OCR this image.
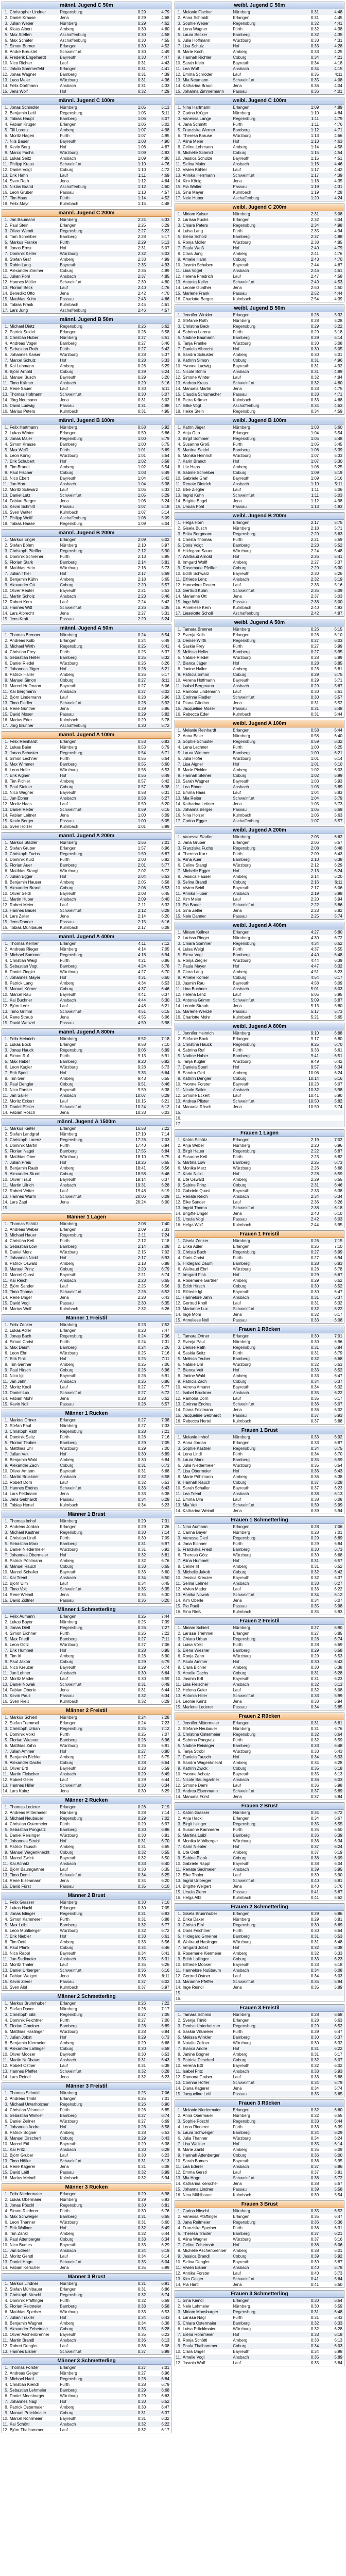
männl. Jugend C 50m
1. Christopher Lindner	Regensburg	0:29	4:79
2. Daniel Krause	Jena	0:29	4:68
3. Julian Weber	Nürnberg	0:29	4:62
4. Klaus Albert	Amberg	0:30	4:60
5. Max Steffen	Aschaffenburg	0:30	4:58
6. Max Schäfer	Aschaffenburg	0:30	4:55
7. Simon Borner	Erlangen	0:30	4:52
8. Andre Breustel	Schweinfurt	0:30	4:49
9. Frederik Engelhardt	Bayreuth	0:30	4:47
10. Nico Richter	Lauf	0:31	4:43
11. Jakob Sommerfeld	Erlangen	0:31	4:41
12. Jonas Wagner	Bamberg	0:31	4:39
13. Luca Meier	Würzburg	0:31	4:36
14. Felix Dorfmann	Ansbach	0:31	4:33
15. Jens Wolf	Hof	0:32	4:29
männl. Jugend C 100m
1. Jonas Schindler	Nürnberg	1:05	5:13
2. Benjamin Leitl	Regensburg	1:05	5:11
3. Tobias Haupt	Bamberg	1:06	5:07
4. Fabian Krüger	Erlangen	1:06	5:02
5. Till Lorenz	Amberg	1:07	4:98
6. Moritz Hagen	Fürth	1:07	4:95
7. Nils Bauer	Bayreuth	1:08	4:90
8. Kevin Berg	Hof	1:08	4:87
9. Marco Fuchs	Würzburg	1:09	4:83
10. Lukas Seitz	Ansbach	1:09	4:80
11. Philipp Kraus	Schweinfurt	1:10	4:76
12. Daniel Voigt	Coburg	1:10	4:72
13. Erik Hahn	Lauf	1:11	4:69
14. Sven Roth	Jena	1:12	4:64
15. Niklas Brand	Aschaffenburg	1:12	4:60
16. Leon Gruber	Passau	1:13	4:57
17. Tim Haas	Fürth	1:14	4:52
18. Felix Mayr	Kulmbach	1:15	4:48
männl. Jugend C 200m
1. Jan Baumann	Nürnberg	2:24	5:33
2. Paul Stein	Erlangen	2:25	5:29
3. Oliver Wendt	Regensburg	2:27	5:22
4. Tom Schreiber	Bamberg	2:28	5:17
5. Markus Franke	Fürth	2:29	5:13
6. Jonas Ernst	Hof	2:31	5:07
7. Dominik Keller	Würzburg	2:32	5:03
8. Stefan Graf	Amberg	2:33	4:99
9. Robin Lang	Bayreuth	2:35	4:93
10. Alexander Zimmer	Coburg	2:36	4:89
11. Julian Pohl	Ansbach	2:37	4:85
12. Hannes Möller	Schweinfurt	2:39	4:80
13. Florian Beck	Lauf	2:40	4:76
14. Benedikt Otto	Jena	2:42	4:70
15. Matthias Kuhn	Passau	2:43	4:66
16. Tobias Frank	Kulmbach	2:45	4:61
17. Lars Jung	Aschaffenburg	2:46	4:57
männl. Jugend B 50m
1. Michael Dietz	Regensburg	0:26	5:62
2. Patrick Seidel	Erlangen	0:26	5:58
3. Christian Huber	Nürnberg	0:27	5:51
4. Andreas Vogel	Bamberg	0:27	5:46
5. Sebastian Roth	Fürth	0:27	5:42
6. Johannes Kaiser	Würzburg	0:28	5:37
7. Marcel Schulz	Hof	0:28	5:33
8. Kai Lehmann	Amberg	0:28	5:29
9. Björn Arnold	Coburg	0:29	5:24
10. Manuel Busch	Bayreuth	0:29	5:20
11. Timo Krämer	Ansbach	0:29	5:16
12. Rene Sauer	Lauf	0:30	5:11
13. Thomas Hofmann	Schweinfurt	0:30	5:07
14. Jörg Neumann	Jena	0:31	5:02
15. David Ludwig	Passau	0:31	4:98
16. Marius Peters	Kulmbach	0:31	4:95
männl. Jugend B 100m
1. Felix Hartmann	Nürnberg	0:58	5:92
2. Lukas Winter	Erlangen	0:59	5:86
3. Jonas Maier	Regensburg	1:00	5:79
4. Simon Krause	Bamberg	1:00	5:75
5. Max Weiß	Fürth	1:01	5:69
6. Leon König	Würzburg	1:01	5:64
7. Erik Schubert	Hof	1:02	5:58
8. Tim Brandt	Amberg	1:02	5:54
9. Paul Fischer	Coburg	1:03	5:49
10. Nico Ebert	Bayreuth	1:04	5:42
11. Jan Horn	Ansbach	1:04	5:38
12. Moritz Schwarz	Lauf	1:05	5:33
13. Daniel Lutz	Schweinfurt	1:05	5:29
14. Fabian Berger	Jena	1:06	5:24
15. Kevin Schmitt	Passau	1:07	5:18
16. Sven Walter	Kulmbach	1:07	5:14
17. Philipp Wolff	Aschaffenburg	1:08	5:09
18. Tobias Haase	Regensburg	1:09	5:04
männl. Jugend B 200m
1. Markus Engel	Erlangen	2:09	6:02
2. Stefan Böhm	Nürnberg	2:10	5:97
3. Christoph Pfeiffer	Regensburg	2:12	5:90
4. Dominik Schreiner	Fürth	2:13	5:85
5. Florian Stark	Bamberg	2:14	5:81
6. Matthias Hein	Würzburg	2:16	5:73
7. Julian Thiel	Hof	2:17	5:69
8. Benjamin Kühn	Amberg	2:18	5:65
9. Alexander Ott	Coburg	2:20	5:57
10. Oliver Reuter	Bayreuth	2:21	5:53
11. Martin Scholz	Ansbach	2:23	5:46
12. Robert Kern	Lauf	2:24	5:42
13. Hannes Witt	Schweinfurt	2:26	5:35
14. Lars Albrecht	Jena	2:27	5:31
15. Jens Kraft	Passau	2:29	5:24
männl. Jugend A 50m
1. Thomas Brenner	Nürnberg	0:24	6:54
2. Andreas Kolb	Erlangen	0:24	6:49
3. Michael Wirth	Regensburg	0:25	6:41
4. Christian Frey	Fürth	0:25	6:37
5. Sebastian Heller	Bamberg	0:25	6:32
6. Daniel Riedel	Würzburg	0:26	6:26
7. Johannes Jäger	Hof	0:26	6:21
8. Patrick Haller	Amberg	0:26	6:17
9. Manuel Simon	Coburg	0:27	6:11
10. Marcel Hoffmann	Bayreuth	0:27	6:06
11. Kai Bergmann	Ansbach	0:27	6:02
12. Björn Lindemann	Lauf	0:28	5:96
13. Timo Fiedler	Schweinfurt	0:28	5:92
14. Rene Günther	Jena	0:29	5:86
15. David Moser	Passau	0:29	5:82
16. Marius Eder	Kulmbach	0:29	5:78
17. Jörg Brunner	Aschaffenburg	0:30	5:72
männl. Jugend A 100m
1. Felix Reinhardt	Erlangen	0:53	6:83
2. Lukas Baier	Nürnberg	0:53	6:79
3. Jonas Schuster	Regensburg	0:54	6:71
4. Simon Lechner	Fürth	0:55	6:64
5. Max Wimmer	Bamberg	0:55	6:60
6. Leon Hofer	Würzburg	0:56	6:53
7. Erik Aigner	Hof	0:56	6:49
8. Tim Pichler	Amberg	0:57	6:42
9. Paul Steiner	Coburg	0:57	6:38
10. Nico Wagner	Bayreuth	0:58	6:31
11. Jan Ebner	Ansbach	0:58	6:27
12. Moritz Haas	Lauf	0:59	6:20
13. Daniel Reiter	Schweinfurt	0:59	6:16
14. Fabian Leitner	Jena	1:00	6:09
15. Kevin Berger	Passau	1:00	6:05
16. Sven Holzer	Kulmbach	1:01	5:99
männl. Jugend A 200m
1. Markus Stadler	Nürnberg	1:56	7:01
2. Stefan Gruber	Erlangen	1:57	6:96
3. Christoph Fuchs	Regensburg	1:59	6:87
4. Dominik Kurz	Fürth	2:00	6:82
5. Florian Auer	Bamberg	2:01	6:77
6. Matthias Stangl	Würzburg	2:02	6:72
7. Julian Egger	Hof	2:04	6:63
8. Benjamin Hauser	Amberg	2:05	6:58
9. Alexander Brandl	Coburg	2:06	6:53
10. Oliver Seidl	Bayreuth	2:08	6:45
11. Martin Huber	Ansbach	2:09	6:40
12. Robert Meier	Lauf	2:11	6:32
13. Hannes Bauer	Schweinfurt	2:12	6:28
14. Lars Zeller	Jena	2:14	6:20
15. Jens Danner	Passau	2:15	6:16
16. Tobias Mühlbauer	Kulmbach	2:17	6:08
männl. Jugend A 400m
1. Thomas Kellner	Erlangen	4:11	7:12
2. Andreas Rieger	Nürnberg	4:14	7:05
3. Michael Sommer	Regensburg	4:18	6:94
4. Christian Weigl	Fürth	4:21	6:86
5. Sebastian Vogt	Bamberg	4:24	6:78
6. Daniel Ziegler	Würzburg	4:27	6:70
7. Johannes Mayer	Hof	4:31	6:60
8. Patrick Lang	Amberg	4:34	6:53
9. Manuel Körner	Coburg	4:37	6:46
10. Marcel Rau	Bayreuth	4:41	6:37
11. Kai Buchner	Ansbach	4:44	6:30
12. Björn Lenz	Lauf	4:48	6:21
13. Timo Grimm	Schweinfurt	4:51	6:15
14. Rene Straub	Jena	4:55	6:06
15. David Wenzel	Passau	4:59	5:98
männl. Jugend A 800m
1. Felix Heinrich	Nürnberg	8:52	7:18
2. Lukas Bock	Erlangen	8:58	7:10
3. Jonas Hauck	Regensburg	9:06	6:99
4. Simon Ruf	Fürth	9:13	6:91
5. Max Haber	Bamberg	9:20	6:82
6. Leon Kugler	Würzburg	9:28	6:73
7. Erik Sperl	Hof	9:35	6:64
8. Tim Gerl	Amberg	9:43	6:55
9. Paul Dengler	Coburg	9:51	6:46
10. Nico Forster	Bayreuth	9:59	6:38
11. Jan Sailer	Ansbach	10:07	6:29
12. Moritz Eckert	Lauf	10:15	6:21
13. Daniel Pfister	Schweinfurt	10:24	6:12
14. Fabian Rösch	Jena	10:33	6:03
männl. Jugend A 1500m
1. Markus Kiefer	Erlangen	16:58	7:22
2. Stefan Landgraf	Nürnberg	17:10	7:14
3. Christoph Lorenz	Regensburg	17:26	7:03
4. Dominik Martin	Fürth	17:40	6:94
5. Florian Nagel	Bamberg	17:55	6:84
6. Matthias Ober	Würzburg	18:10	6:75
7. Julian Preis	Hof	18:26	6:65
8. Benjamin Raab	Amberg	18:41	6:56
9. Alexander Sturm	Coburg	18:58	6:46
10. Oliver Traut	Bayreuth	19:14	6:37
11. Martin Ullrich	Ansbach	19:31	6:28
12. Robert Vetter	Lauf	19:48	6:19
13. Hannes Wurm	Schweinfurt	20:06	6:09
14. Lars Zapf	Jena	20:24	6:00
15.
Männer 1 Lagen
1. Thomas Schütz	Nürnberg	2:08	7:40
2. Andreas Weber	Erlangen	2:09	7:33
3. Michael Hauer	Regensburg	2:11	7:24
4. Christian Keil	Fürth	2:12	7:18
5. Sebastian Löw	Bamberg	2:14	7:08
6. Daniel Merz	Würzburg	2:15	7:02
7. Johannes Nickl	Hof	2:17	6:93
8. Patrick Oswald	Amberg	2:18	6:88
9. Manuel Prinz	Coburg	2:20	6:79
10. Marcel Quast	Bayreuth	2:21	6:74
11. Kai Reich	Ansbach	2:23	6:65
12. Björn Sander	Lauf	2:25	6:56
13. Timo Thoma	Schweinfurt	2:26	6:52
14. Rene Unger	Jena	2:28	6:43
15. David Vogl	Passau	2:30	6:35
16. Marius Wolf	Kulmbach	2:32	6:26
Männer 1 Freistil
1. Felix Zenker	Nürnberg	0:23	7:52
2. Lukas Adler	Erlangen	0:23	7:47
3. Jonas Bach	Regensburg	0:24	7:36
4. Simon Christ	Fürth	0:24	7:31
5. Max Daum	Bamberg	0:24	7:26
6. Leon Ehrl	Würzburg	0:25	7:16
7. Erik Fink	Hof	0:25	7:11
8. Tim Gärtner	Amberg	0:25	7:06
9. Paul Hirsch	Coburg	0:26	6:96
10. Nico Igl	Bayreuth	0:26	6:91
11. Jan Jahn	Ansbach	0:26	6:86
12. Moritz Knoll	Lauf	0:27	6:77
13. Daniel Lux	Schweinfurt	0:27	6:72
14. Fabian Mohr	Jena	0:28	6:62
15. Kevin Noll	Passau	0:28	6:57
Männer 1 Rücken
1. Markus Ortner	Erlangen	0:27	7:38
2. Stefan Paul	Nürnberg	0:27	7:33
3. Christoph Rath	Regensburg	0:28	7:21
4. Dominik Seitz	Fürth	0:28	7:16
5. Florian Teuber	Bamberg	0:29	7:05
6. Matthias Uhl	Würzburg	0:29	7:00
7. Julian Veit	Hof	0:30	6:89
8. Benjamin Wald	Amberg	0:30	6:84
9. Alexander Zach	Coburg	0:31	6:73
10. Oliver Amann	Bayreuth	0:31	6:68
11. Martin Bruckner	Ansbach	0:32	6:58
12. Robert Dorn	Lauf	0:32	6:53
13. Hannes Endres	Schweinfurt	0:33	6:43
14. Lars Feldmann	Jena	0:33	6:38
15. Jens Gebhardt	Passau	0:34	6:28
16. Tobias Hertel	Kulmbach	0:34	6:23
Männer 1 Brust
1. Thomas Imhof	Nürnberg	0:29	7:31
2. Andreas Jordan	Erlangen	0:29	7:26
3. Michael Kastner	Regensburg	0:30	7:14
4. Christian Lindl	Fürth	0:30	7:09
5. Sebastian Marx	Bamberg	0:31	6:97
6. Daniel Niedermeier	Würzburg	0:31	6:92
7. Johannes Obermeier	Hof	0:32	6:81
8. Patrick Pöhlmann	Amberg	0:32	6:76
9. Manuel Rauch	Coburg	0:33	6:65
10. Marcel Schaller	Bayreuth	0:33	6:60
11. Kai Treml	Ansbach	0:34	6:50
12. Björn Ulm	Lauf	0:34	6:45
13. Timo Voit	Schweinfurt	0:35	6:35
14. Rene Weindl	Jena	0:35	6:30
15. David Zöllner	Passau	0:36	6:20
Männer 1 Schmetterling
1. Felix Aumann	Erlangen	0:25	7:44
2. Lukas Bayer	Nürnberg	0:25	7:39
3. Jonas Dietl	Regensburg	0:26	7:27
4. Simon Eichner	Fürth	0:26	7:22
5. Max Friedl	Bamberg	0:27	7:11
6. Leon Götz	Würzburg	0:27	7:06
7. Erik Hummel	Hof	0:28	6:95
8. Tim Irl	Amberg	0:28	6:90
9. Paul Jakob	Coburg	0:29	6:79
10. Nico Kreuzer	Bayreuth	0:29	6:74
11. Jan Lehner	Ansbach	0:30	6:64
12. Moritz Mader	Lauf	0:30	6:59
13. Daniel Nowak	Schweinfurt	0:31	6:49
14. Fabian Oberle	Jena	0:31	6:44
15. Kevin Pauli	Passau	0:32	6:34
16. Sven Rieß	Kulmbach	0:32	6:29
Männer 2 Freistil
1. Markus Schierl	Nürnberg	0:24	7:28
2. Stefan Tremmel	Erlangen	0:24	7:23
3. Christoph Urban	Regensburg	0:25	7:12
4. Dominik Völkl	Fürth	0:25	7:07
5. Florian Wiesner	Bamberg	0:26	6:96
6. Matthias Zahn	Würzburg	0:26	6:91
7. Julian Ammer	Hof	0:27	6:80
8. Benjamin Bichler	Amberg	0:27	6:75
9. Alexander Dachs	Coburg	0:28	6:64
10. Oliver Ertl	Bayreuth	0:28	6:59
11. Martin Fleischer	Ansbach	0:29	6:49
12. Robert Geier	Lauf	0:29	6:44
13. Hannes Hiller	Schweinfurt	0:30	6:34
14. Lars Kainz	Jena	0:30	6:29
Männer 2 Rücken
1. Thomas Lederer	Erlangen	0:28	7:19
2. Andreas Mittermeier	Nürnberg	0:28	7:14
3. Michael Neubauer	Regensburg	0:29	7:02
4. Christian Ostermeier	Fürth	0:29	6:97
5. Sebastian Pongratz	Bamberg	0:30	6:86
6. Daniel Reisinger	Würzburg	0:30	6:81
7. Johannes Strobl	Hof	0:31	6:70
8. Patrick Tausch	Amberg	0:31	6:65
9. Manuel Wagenknecht	Coburg	0:32	6:55
10. Marcel Zwick	Bayreuth	0:32	6:50
11. Kai Achatz	Ansbach	0:33	6:40
12. Björn Baumgartner	Lauf	0:33	6:35
13. Timo Deml	Schweinfurt	0:34	6:25
14. Rene Eisenmann	Jena	0:34	6:20
15. David Fürst	Passau	0:35	6:10
Männer 2 Brust
1. Felix Grasser	Nürnberg	0:30	7:10
2. Lukas Hackl	Erlangen	0:30	7:05
3. Jonas Islinger	Regensburg	0:31	6:93
4. Simon Kammerer	Fürth	0:31	6:88
5. Max Loibl	Bamberg	0:32	6:77
6. Leon Mühlberger	Würzburg	0:32	6:72
7. Erik Niebler	Hof	0:33	6:61
8. Tim Oettl	Amberg	0:33	6:56
9. Paul Plank	Coburg	0:34	6:46
10. Nico Rappl	Bayreuth	0:34	6:41
11. Jan Sedlmeier	Ansbach	0:35	6:31
12. Moritz Thaler	Lauf	0:35	6:26
13. Daniel Urlberger	Schweinfurt	0:36	6:16
14. Fabian Weigert	Jena	0:36	6:11
15. Kevin Zierer	Passau	0:37	6:02
16. Sven Albl	Kulmbach	0:37	5:97
Männer 2 Schmetterling
1. Markus Brunnhuber	Erlangen	0:26	7:22
2. Stefan Daxer	Nürnberg	0:26	7:17
3. Christoph Eibl	Regensburg	0:27	7:05
4. Dominik Feichtner	Fürth	0:27	7:00
5. Florian Gmeiner	Bamberg	0:28	6:89
6. Matthias Haslinger	Würzburg	0:28	6:84
7. Julian Jobst	Hof	0:29	6:73
8. Benjamin Kiermeier	Amberg	0:29	6:68
9. Alexander Lallinger	Coburg	0:30	6:58
10. Oliver Mooser	Bayreuth	0:30	6:53
11. Martin Nußbaum	Ansbach	0:31	6:43
12. Robert Ostner	Lauf	0:31	6:38
13. Hannes Pfeffer	Schweinfurt	0:32	6:28
14. Lars Reindl	Jena	0:32	6:23
Männer 3 Freistil
1. Thomas Schmid	Nürnberg	0:25	7:06
2. Andreas Trinkl	Erlangen	0:25	7:01
3. Michael Unterholzner	Regensburg	0:26	6:90
4. Christian Vilsmeier	Fürth	0:26	6:85
5. Sebastian Winkler	Bamberg	0:27	6:74
6. Daniel Zellner	Würzburg	0:27	6:69
7. Johannes Andre	Hof	0:28	6:58
8. Patrick Bogner	Amberg	0:28	6:53
9. Manuel Dirscherl	Coburg	0:29	6:43
10. Marcel Ettl	Bayreuth	0:29	6:38
11. Kai Fritz	Ansbach	0:30	6:28
12. Björn Gruber	Lauf	0:30	6:23
13. Timo Höfler	Schweinfurt	0:31	6:13
14. Rene Kagerer	Jena	0:31	6:08
15. David Leitl	Passau	0:32	5:99
16. Marius Meindl	Kulmbach	0:32	5:94
Männer 3 Rücken
1. Felix Niedermaier	Erlangen	0:29	6:98
2. Lukas Obermaier	Nürnberg	0:29	6:93
3. Jonas Pöschl	Regensburg	0:30	6:81
4. Simon Riederer	Fürth	0:30	6:76
5. Max Schweiger	Bamberg	0:31	6:65
6. Leon Thanner	Würzburg	0:31	6:60
7. Erik Wallner	Hof	0:32	6:49
8. Tim Zankl	Amberg	0:32	6:44
9. Paul Attenberger	Coburg	0:33	6:34
10. Nico Bumes	Bayreuth	0:33	6:29
11. Jan Ederer	Ansbach	0:34	6:19
12. Moritz Gerstl	Lauf	0:34	6:14
13. Daniel Hagn	Schweinfurt	0:35	6:04
14. Fabian Kerscher	Jena	0:35	5:99
Männer 3 Brust
1. Markus Lindner	Nürnberg	0:31	6:91
2. Stefan Mühlbauer	Erlangen	0:31	6:86
3. Christoph Nirschl	Regensburg	0:32	6:74
4. Dominik Pfaffinger	Fürth	0:32	6:69
5. Florian Reitmeier	Bamberg	0:33	6:58
6. Matthias Sperber	Würzburg	0:33	6:53
7. Julian Traxler	Hof	0:34	6:43
8. Benjamin Wagner	Amberg	0:34	6:38
9. Alexander Zehetmair	Coburg	0:35	6:28
10. Oliver Aschenbrenner	Bayreuth	0:35	6:23
11. Martin Brandl	Ansbach	0:36	6:13
12. Robert Dengler	Lauf	0:36	6:08
13. Hannes Eisner	Schweinfurt	0:37	5:99
Männer 3 Schmetterling
1. Thomas Forster	Erlangen	0:27	7:01
2. Andreas Geiger	Nürnberg	0:27	6:96
3. Michael Hartl	Regensburg	0:28	6:84
4. Christian Kiendl	Fürth	0:28	6:79
5. Sebastian Lehmeier	Bamberg	0:29	6:68
6. Daniel Moosburger	Würzburg	0:29	6:63
7. Johannes Nagl	Hof	0:30	6:52
8. Patrick Ostermaier	Amberg	0:30	6:47
9. Manuel Prücklmaier	Coburg	0:31	6:37
10. Marcel Rohrmeier	Bayreuth	0:31	6:32
11. Kai Schöttl	Ansbach	0:32	6:22
12. Björn Thalhammer	Lauf	0:32	6:17
weibl. Jugend C 50m
1. Melanie Fischer	Nürnberg	0:31	4:48
2. Anna Schmidt	Erlangen	0:31	4:45
3. Sophie Weber	Regensburg	0:32	4:41
4. Lena Wagner	Fürth	0:32	4:38
5. Laura Becker	Bamberg	0:32	4:35
6. Julia Hoffmann	Würzburg	0:33	4:31
7. Lisa Schulz	Hof	0:33	4:28
8. Marie Koch	Amberg	0:33	4:25
9. Hannah Richter	Coburg	0:34	4:21
10. Sarah Klein	Bayreuth	0:34	4:18
11. Lea Wolf	Ansbach	0:34	4:15
12. Emma Schröder	Lauf	0:35	4:11
13. Mia Neumann	Schweinfurt	0:35	4:08
14. Katharina Braun	Jena	0:36	4:04
15. Johanna Zimmermann	Passau	0:36	4:01
weibl. Jugend C 100m
1. Nina Hartmann	Erlangen	1:09	4:89
2. Carina Krüger	Nürnberg	1:10	4:84
3. Vanessa Lange	Regensburg	1:11	4:79
4. Jana Schmitt	Fürth	1:11	4:76
5. Franziska Werner	Bamberg	1:12	4:71
6. Theresa Krause	Würzburg	1:13	4:66
7. Alina Meier	Hof	1:13	4:63
8. Celine Lehmann	Amberg	1:14	4:58
9. Michelle Schmid	Coburg	1:15	4:54
10. Jessica Schulze	Bayreuth	1:15	4:51
11. Selina Maier	Ansbach	1:16	4:46
12. Vivien Köhler	Lauf	1:17	4:42
13. Annika Herrmann	Schweinfurt	1:17	4:39
14. Kim König	Jena	1:18	4:35
15. Pia Walter	Passau	1:19	4:31
16. Sina Mayer	Kulmbach	1:19	4:28
17. Nele Huber	Aschaffenburg	1:20	4:24
weibl. Jugend C 200m
1. Miriam Kaiser	Nürnberg	2:31	5:08
2. Larissa Fuchs	Erlangen	2:32	5:04
3. Chiara Peters	Regensburg	2:34	4:98
4. Luisa Lang	Fürth	2:35	4:94
5. Elena Scholz	Bamberg	2:37	4:88
6. Ronja Möller	Würzburg	2:38	4:85
7. Paula Weiß	Hof	2:40	4:79
8. Clara Jung	Amberg	2:41	4:76
9. Amelie Hahn	Coburg	2:43	4:70
10. Jasmin Schubert	Bayreuth	2:44	4:67
11. Lina Vogel	Ansbach	2:46	4:61
12. Helena Friedrich	Lauf	2:47	4:58
13. Antonia Keller	Schweinfurt	2:49	4:53
14. Leonie Günther	Jena	2:50	4:50
15. Marlene Frank	Passau	2:52	4:44
16. Charlotte Berger	Kulmbach	2:54	4:39
weibl. Jugend B 50m
1. Jennifer Winkler	Erlangen	0:28	5:32
2. Stefanie Roth	Nürnberg	0:28	5:28
3. Christina Beck	Regensburg	0:29	5:22
4. Sabrina Lorenz	Fürth	0:29	5:18
5. Nadine Baumann	Bamberg	0:29	5:14
6. Tanja Franke	Würzburg	0:30	5:08
7. Daniela Albrecht	Hof	0:30	5:05
8. Sandra Schuster	Amberg	0:30	5:01
9. Kathrin Simon	Coburg	0:31	4:96
10. Yvonne Ludwig	Bayreuth	0:31	4:92
11. Nicole Böhm	Ansbach	0:31	4:89
12. Simone Winter	Lauf	0:32	4:84
13. Andrea Kraus	Schweinfurt	0:32	4:80
14. Manuela Martin	Jena	0:33	4:75
15. Claudia Schumacher	Passau	0:33	4:71
16. Petra Krämer	Kulmbach	0:33	4:68
17. Silke Vogt	Aschaffenburg	0:34	4:63
18. Heike Stein	Regensburg	0:34	4:59
weibl. Jugend B 100m
1. Katrin Jäger	Nürnberg	1:03	5:60
2. Anja Otto	Erlangen	1:04	5:54
3. Birgit Sommer	Regensburg	1:05	5:48
4. Susanne Groß	Fürth	1:05	5:45
5. Martina Seidel	Bamberg	1:06	5:39
6. Monika Heinrich	Würzburg	1:07	5:33
7. Karin Brandt	Hof	1:07	5:30
8. Ute Haas	Amberg	1:08	5:25
9. Sabine Schreiber	Coburg	1:09	5:19
10. Gabriele Graf	Bayreuth	1:09	5:16
11. Renate Dietrich	Ansbach	1:10	5:11
12. Elke Ziegler	Lauf	1:11	5:06
13. Ingrid Kuhn	Schweinfurt	1:11	5:03
14. Brigitte Engel	Jena	1:12	4:98
15. Ursula Pohl	Passau	1:13	4:93
weibl. Jugend B 200m
1. Helga Horn	Erlangen	2:17	5:75
2. Gisela Busch	Nürnberg	2:18	5:71
3. Erika Bergmann	Regensburg	2:20	5:63
4. Christa Thomas	Fürth	2:21	5:59
5. Doris Voigt	Bamberg	2:23	5:52
6. Hildegard Sauer	Würzburg	2:24	5:48
7. Waltraud Arnold	Hof	2:26	5:41
8. Irmgard Wolff	Amberg	2:27	5:37
9. Rosemarie Pfeiffer	Coburg	2:29	5:30
10. Edith Schwarz	Bayreuth	2:30	5:26
11. Elfriede Lenz	Ansbach	2:32	5:19
12. Hannelore Reuter	Lauf	2:33	5:16
13. Gertrud Kühn	Schweinfurt	2:35	5:09
14. Marianne Ott	Jena	2:37	5:03
15. Inge Witt	Passau	2:38	5:00
16. Anneliese Kern	Kulmbach	2:40	4:93
17. Lieselotte Scholl	Aschaffenburg	2:42	4:87
weibl. Jugend A 50m
1. Tamara Brenner	Nürnberg	0:26	6:15
2. Svenja Kolb	Erlangen	0:26	6:10
3. Denise Wirth	Regensburg	0:27	6:03
4. Saskia Frey	Fürth	0:27	5:99
5. Melissa Heller	Bamberg	0:27	5:95
6. Natalie Riedel	Würzburg	0:28	5:89
7. Bianca Jäger	Hof	0:28	5:85
8. Janine Haller	Amberg	0:28	5:81
9. Patricia Simon	Coburg	0:29	5:75
10. Verena Hoffmann	Bayreuth	0:29	5:71
11. Isabel Bergmann	Ansbach	0:29	5:67
12. Ramona Lindemann	Lauf	0:30	5:61
13. Corinna Fiedler	Schweinfurt	0:30	5:57
14. Diana Günther	Jena	0:31	5:52
15. Jacqueline Moser	Passau	0:31	5:48
16. Rebecca Eder	Kulmbach	0:31	5:44
weibl. Jugend A 100m
1. Melanie Reinhardt	Erlangen	0:58	6:44
2. Anna Baier	Nürnberg	0:58	6:40
3. Sophie Schuster	Regensburg	0:59	6:32
4. Lena Lechner	Fürth	1:00	6:25
5. Laura Wimmer	Bamberg	1:00	6:21
6. Julia Hofer	Würzburg	1:01	6:14
7. Lisa Aigner	Hof	1:01	6:10
8. Marie Pichler	Amberg	1:02	6:03
9. Hannah Steiner	Coburg	1:02	5:99
10. Sarah Wagner	Bayreuth	1:03	5:93
11. Lea Ebner	Ansbach	1:03	5:89
12. Emma Haas	Lauf	1:04	5:83
13. Mia Reiter	Schweinfurt	1:04	5:79
14. Katharina Leitner	Jena	1:05	5:73
15. Johanna Berger	Passau	1:05	5:69
16. Nina Holzer	Kulmbach	1:06	5:63
17. Carina Egger	Aschaffenburg	1:07	5:57
weibl. Jugend A 200m
1. Vanessa Stadler	Nürnberg	2:05	6:62
2. Jana Gruber	Erlangen	2:06	6:57
3. Franziska Fuchs	Regensburg	2:08	6:48
4. Theresa Kurz	Fürth	2:09	6:43
5. Alina Auer	Bamberg	2:10	6:38
6. Celine Stangl	Würzburg	2:12	6:29
7. Michelle Egger	Hof	2:13	6:24
8. Jessica Hauser	Amberg	2:14	6:20
9. Selina Brandl	Coburg	2:16	6:11
10. Vivien Seidl	Bayreuth	2:17	6:06
11. Annika Huber	Ansbach	2:19	5:98
12. Kim Meier	Lauf	2:20	5:94
13. Pia Bauer	Schweinfurt	2:22	5:86
14. Sina Zeller	Jena	2:23	5:82
15. Nele Danner	Passau	2:25	5:74
weibl. Jugend A 400m
1. Miriam Kellner	Erlangen	4:27	6:80
2. Larissa Rieger	Nürnberg	4:30	6:72
3. Chiara Sommer	Regensburg	4:34	6:62
4. Luisa Weigl	Fürth	4:37	6:55
5. Elena Vogt	Bamberg	4:40	6:48
6. Ronja Ziegler	Würzburg	4:44	6:39
7. Paula Mayer	Hof	4:47	6:32
8. Clara Lang	Amberg	4:51	6:23
9. Amelie Körner	Coburg	4:54	6:17
10. Jasmin Rau	Bayreuth	4:58	6:09
11. Lina Buchner	Ansbach	5:01	6:03
12. Helena Lenz	Lauf	5:05	5:95
13. Antonia Grimm	Schweinfurt	5:09	5:87
14. Leonie Straub	Jena	5:13	5:80
15. Marlene Wenzel	Passau	5:17	5:73
16. Charlotte Mohr	Kulmbach	5:21	5:65
weibl. Jugend A 800m
1. Jennifer Heinrich	Nürnberg	9:10	6:88
2. Stefanie Bock	Erlangen	9:17	6:80
3. Christina Hauck	Regensburg	9:25	6:70
4. Sabrina Ruf	Fürth	9:33	6:61
5. Nadine Haber	Bamberg	9:41	6:51
6. Tanja Kugler	Würzburg	9:49	6:42
7. Daniela Sperl	Hof	9:57	6:34
8. Sandra Gerl	Amberg	10:06	6:24
9. Kathrin Dengler	Coburg	10:14	6:16
10. Yvonne Forster	Bayreuth	10:23	6:07
11. Nicole Sailer	Ansbach	10:32	5:98
12. Simone Eckert	Lauf	10:41	5:90
13. Andrea Pfister	Schweinfurt	10:50	5:82
14. Manuela Rösch	Jena	10:59	5:74
15.
16.
17.
Frauen 1 Lagen
1. Katrin Schütz	Erlangen	2:19	7:02
2. Anja Weber	Nürnberg	2:20	6:96
3. Birgit Hauer	Regensburg	2:22	6:87
4. Susanne Keil	Fürth	2:23	6:82
5. Martina Löw	Bamberg	2:25	6:73
6. Monika Merz	Würzburg	2:26	6:68
7. Karin Nickl	Hof	2:28	6:59
8. Ute Oswald	Amberg	2:29	6:55
9. Sabine Prinz	Coburg	2:31	6:46
10. Gabriele Quast	Bayreuth	2:33	6:38
11. Renate Reich	Ansbach	2:34	6:34
12. Elke Sander	Lauf	2:36	6:26
13. Ingrid Thoma	Schweinfurt	2:38	6:18
14. Brigitte Unger	Jena	2:40	6:10
15. Ursula Vogl	Passau	2:42	6:03
16. Helga Wolf	Kulmbach	2:44	5:95
Frauen 1 Freistil
1. Gisela Zenker	Nürnberg	0:26	7:15
2. Erika Adler	Erlangen	0:26	7:10
3. Christa Bach	Regensburg	0:27	6:99
4. Doris Christ	Fürth	0:27	6:94
5. Hildegard Daum	Bamberg	0:28	6:83
6. Waltraud Ehrl	Würzburg	0:28	6:78
7. Irmgard Fink	Hof	0:29	6:67
8. Rosemarie Gärtner	Amberg	0:29	6:62
9. Edith Hirsch	Coburg	0:30	6:52
10. Elfriede Igl	Bayreuth	0:30	6:47
11. Hannelore Jahn	Ansbach	0:31	6:37
12. Gertrud Knoll	Lauf	0:31	6:32
13. Marianne Lux	Schweinfurt	0:32	6:22
14. Inge Mohr	Jena	0:32	6:17
15. Anneliese Noll	Passau	0:33	6:08
Frauen 1 Rücken
1. Tamara Ortner	Erlangen	0:30	7:01
2. Svenja Paul	Nürnberg	0:30	6:96
3. Denise Rath	Regensburg	0:31	6:84
4. Saskia Seitz	Fürth	0:31	6:79
5. Melissa Teuber	Bamberg	0:32	6:68
6. Natalie Uhl	Würzburg	0:32	6:63
7. Bianca Veit	Hof	0:33	6:52
8. Janine Wald	Amberg	0:33	6:47
9. Patricia Zach	Coburg	0:34	6:37
10. Verena Amann	Bayreuth	0:34	6:32
11. Isabel Bruckner	Ansbach	0:35	6:22
12. Ramona Dorn	Lauf	0:35	6:17
13. Corinna Endres	Schweinfurt	0:36	6:07
14. Diana Feldmann	Jena	0:36	6:02
15. Jacqueline Gebhardt	Passau	0:37	5:93
16. Rebecca Hertel	Kulmbach	0:37	5:88
Frauen 1 Brust
1. Melanie Imhof	Nürnberg	0:33	6:92
2. Anna Jordan	Erlangen	0:33	6:87
3. Sophie Kastner	Regensburg	0:34	6:75
4. Lena Lindl	Fürth	0:34	6:70
5. Laura Marx	Bamberg	0:35	6:59
6. Julia Niedermeier	Würzburg	0:35	6:54
7. Lisa Obermeier	Hof	0:36	6:43
8. Marie Pöhlmann	Amberg	0:36	6:38
9. Hannah Rauch	Coburg	0:37	6:28
10. Sarah Schaller	Bayreuth	0:37	6:23
11. Lea Treml	Ansbach	0:38	6:13
12. Emma Ulm	Lauf	0:38	6:08
13. Mia Voit	Schweinfurt	0:39	5:99
14. Katharina Weindl	Jena	0:39	5:94
Frauen 1 Schmetterling
1. Nina Aumann	Erlangen	0:28	7:06
2. Carina Bayer	Nürnberg	0:28	7:01
3. Vanessa Dietl	Regensburg	0:29	6:89
4. Jana Eichner	Fürth	0:29	6:84
5. Franziska Friedl	Bamberg	0:30	6:73
6. Theresa Götz	Würzburg	0:30	6:68
7. Alina Hummel	Hof	0:31	6:57
8. Celine Irl	Amberg	0:31	6:52
9. Michelle Jakob	Coburg	0:32	6:42
10. Jessica Kreuzer	Bayreuth	0:32	6:37
11. Selina Lehner	Ansbach	0:33	6:27
12. Vivien Mader	Lauf	0:33	6:22
13. Annika Nowak	Schweinfurt	0:34	6:12
14. Kim Oberle	Jena	0:34	6:07
15. Pia Pauli	Passau	0:35	5:98
16. Sina Rieß	Kulmbach	0:35	5:93
Frauen 2 Freistil
1. Miriam Schierl	Nürnberg	0:27	6:90
2. Larissa Tremmel	Erlangen	0:27	6:85
3. Chiara Urban	Regensburg	0:28	6:74
4. Luisa Völkl	Fürth	0:28	6:69
5. Elena Wiesner	Bamberg	0:29	6:58
6. Ronja Zahn	Würzburg	0:29	6:53
7. Paula Ammer	Hof	0:30	6:43
8. Clara Bichler	Amberg	0:30	6:38
9. Amelie Dachs	Coburg	0:31	6:28
10. Jasmin Ertl	Bayreuth	0:31	6:23
11. Lina Fleischer	Ansbach	0:32	6:13
12. Helena Geier	Lauf	0:32	6:08
13. Antonia Hiller	Schweinfurt	0:33	5:99
14. Leonie Kainz	Jena	0:33	5:94
15. Marlene Lederer	Passau	0:34	5:85
Frauen 2 Rücken
1. Jennifer Mittermeier	Erlangen	0:31	6:81
2. Stefanie Neubauer	Nürnberg	0:31	6:76
3. Christina Ostermeier	Regensburg	0:32	6:64
4. Sabrina Pongratz	Fürth	0:32	6:59
5. Nadine Reisinger	Bamberg	0:33	6:48
6. Tanja Strobl	Würzburg	0:33	6:43
7. Daniela Tausch	Hof	0:34	6:33
8. Sandra Wagenknecht	Amberg	0:34	6:28
9. Kathrin Zwick	Coburg	0:35	6:18
10. Yvonne Achatz	Bayreuth	0:35	6:13
11. Nicole Baumgartner	Ansbach	0:36	6:03
12. Simone Deml	Lauf	0:36	5:98
13. Andrea Eisenmann	Schweinfurt	0:37	5:89
14. Manuela Fürst	Jena	0:37	5:84
Frauen 2 Brust
1. Katrin Grasser	Nürnberg	0:34	6:72
2. Anja Hackl	Erlangen	0:34	6:67
3. Birgit Islinger	Regensburg	0:35	6:55
4. Susanne Kammerer	Fürth	0:35	6:50
5. Martina Loibl	Bamberg	0:36	6:39
6. Monika Mühlberger	Würzburg	0:36	6:34
7. Karin Niebler	Hof	0:37	6:24
8. Ute Oettl	Amberg	0:37	6:19
9. Sabine Plank	Coburg	0:38	6:09
10. Gabriele Rappl	Bayreuth	0:38	6:04
11. Renate Sedlmeier	Ansbach	0:39	5:95
12. Elke Thaler	Lauf	0:39	5:90
13. Ingrid Urlberger	Schweinfurt	0:40	5:81
14. Brigitte Weigert	Jena	0:40	5:76
15. Ursula Zierer	Passau	0:41	5:67
16. Helga Albl	Kulmbach	0:41	5:62
Frauen 2 Schmetterling
1. Gisela Brunnhuber	Erlangen	0:29	6:86
2. Erika Daxer	Nürnberg	0:29	6:81
3. Christa Eibl	Regensburg	0:30	6:69
4. Doris Feichtner	Fürth	0:30	6:64
5. Hildegard Gmeiner	Bamberg	0:31	6:53
6. Waltraud Haslinger	Würzburg	0:31	6:48
7. Irmgard Jobst	Hof	0:32	6:38
8. Rosemarie Kiermeier	Amberg	0:32	6:33
9. Edith Lallinger	Coburg	0:33	6:23
10. Elfriede Mooser	Bayreuth	0:33	6:18
11. Hannelore Nußbaum	Ansbach	0:34	6:08
12. Gertrud Ostner	Lauf	0:34	6:03
13. Marianne Pfeffer	Schweinfurt	0:35	5:94
14. Inge Reindl	Jena	0:35	5:89
15.
16.
Frauen 3 Freistil
1. Tamara Schmid	Nürnberg	0:28	6:68
2. Svenja Trinkl	Erlangen	0:28	6:63
3. Denise Unterholzner	Regensburg	0:29	6:52
4. Saskia Vilsmeier	Fürth	0:29	6:47
5. Melissa Winkler	Bamberg	0:30	6:37
6. Natalie Zellner	Würzburg	0:30	6:32
7. Bianca Andre	Hof	0:31	6:22
8. Janine Bogner	Amberg	0:31	6:17
9. Patricia Dirscherl	Coburg	0:32	6:07
10. Verena Ettl	Bayreuth	0:32	6:02
11. Isabel Fritz	Ansbach	0:33	5:93
12. Ramona Gruber	Lauf	0:33	5:88
13. Corinna Höfler	Schweinfurt	0:34	5:79
14. Diana Kagerer	Jena	0:34	5:74
15. Jacqueline Leitl	Passau	0:35	5:65
Frauen 3 Rücken
1. Melanie Niedermaier	Erlangen	0:32	6:60
2. Anna Obermaier	Nürnberg	0:32	6:55
3. Sophie Pöschl	Regensburg	0:33	6:44
4. Lena Riederer	Fürth	0:33	6:39
5. Laura Schweiger	Bamberg	0:34	6:29
6. Julia Thanner	Würzburg	0:34	6:24
7. Lisa Wallner	Hof	0:35	6:14
8. Marie Zankl	Amberg	0:35	6:09
9. Hannah Attenberger	Coburg	0:36	6:00
10. Sarah Bumes	Bayreuth	0:36	5:95
11. Lea Ederer	Ansbach	0:37	5:86
12. Emma Gerstl	Lauf	0:37	5:81
13. Mia Hagn	Schweinfurt	0:38	5:72
14. Katharina Kerscher	Jena	0:38	5:67
15. Johanna Lindner	Passau	0:39	5:58
16. Nina Mühlbauer	Kulmbach	0:39	5:54
Frauen 3 Brust
1. Carina Nirschl	Nürnberg	0:35	6:52
2. Vanessa Pfaffinger	Erlangen	0:35	6:47
3. Jana Reitmeier	Regensburg	0:36	6:36
4. Franziska Sperber	Fürth	0:36	6:31
5. Theresa Traxler	Bamberg	0:37	6:21
6. Alina Wagner	Würzburg	0:37	6:16
7. Celine Zehetmair	Hof	0:38	6:06
8. Michelle Aschenbrenner	Amberg	0:38	6:01
9. Jessica Brandl	Coburg	0:39	5:92
10. Selina Dengler	Bayreuth	0:39	5:87
11. Vivien Eisner	Ansbach	0:40	5:78
12. Annika Forster	Lauf	0:40	5:73
13. Kim Geiger	Schweinfurt	0:41	5:64
14. Pia Hartl	Jena	0:41	5:60
Frauen 3 Schmetterling
1. Sina Kiendl	Erlangen	0:30	6:64
2. Nele Lehmeier	Nürnberg	0:30	6:59
3. Miriam Moosburger	Regensburg	0:31	6:48
4. Larissa Nagl	Fürth	0:31	6:43
5. Chiara Ostermaier	Bamberg	0:32	6:33
6. Luisa Prücklmaier	Würzburg	0:32	6:28
7. Elena Rohrmeier	Hof	0:33	6:18
8. Ronja Schöttl	Amberg	0:33	6:13
9. Paula Thalhammer	Coburg	0:34	6:03
10. Clara Unger	Bayreuth	0:34	5:98
11. Amelie Vogl	Ansbach	0:35	5:89
12. Jasmin Wolf	Lauf	0:35	5:84
